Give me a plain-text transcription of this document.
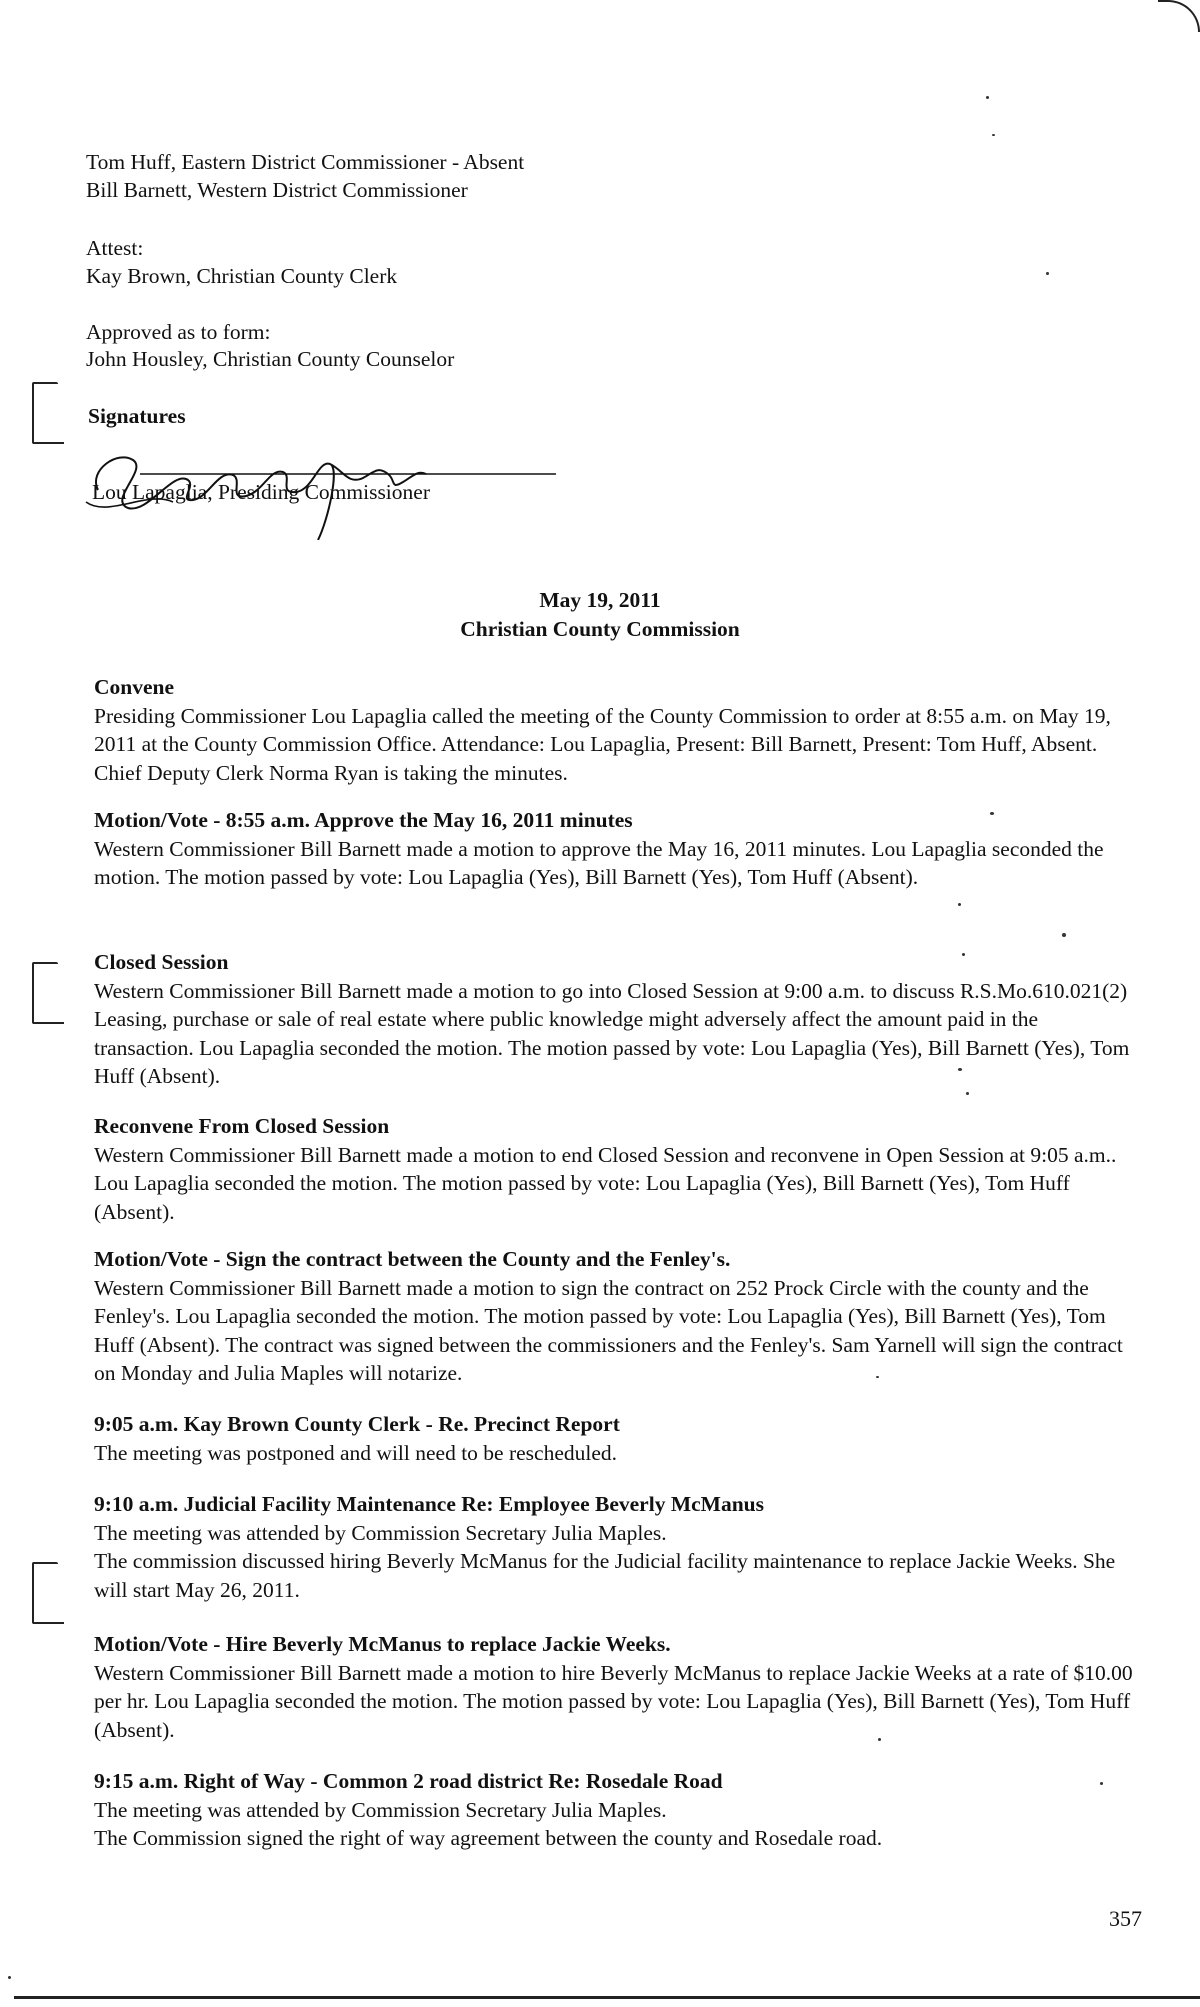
Tom Huff, Eastern District Commissioner - Absent
Bill Barnett, Western District Commissioner
Attest:
Kay Brown, Christian County Clerk
Approved as to form:
John Housley, Christian County Counselor
Signatures
Lou Lapaglia, Presiding Commissioner
May 19, 2011
Christian County Commission

Convene

Presiding Commissioner Lou Lapaglia called the meeting of the County Commission to order at 8:55 a.m. on May 19, 2011 at the County Commission Office. Attendance: Lou Lapaglia, Present: Bill Barnett, Present: Tom Huff, Absent. Chief Deputy Clerk Norma Ryan is taking the minutes.

Motion/Vote - 8:55 a.m. Approve the May 16, 2011 minutes

Western Commissioner Bill Barnett made a motion to approve the May 16, 2011 minutes. Lou Lapaglia seconded the motion. The motion passed by vote: Lou Lapaglia (Yes), Bill Barnett (Yes), Tom Huff (Absent).

Closed Session

Western Commissioner Bill Barnett made a motion to go into Closed Session at 9:00 a.m. to discuss R.S.Mo.610.021(2) Leasing, purchase or sale of real estate where public knowledge might adversely affect the amount paid in the transaction. Lou Lapaglia seconded the motion. The motion passed by vote: Lou Lapaglia (Yes), Bill Barnett (Yes), Tom Huff (Absent).

Reconvene From Closed Session

Western Commissioner Bill Barnett made a motion to end Closed Session and reconvene in Open Session at 9:05 a.m.. Lou Lapaglia seconded the motion. The motion passed by vote: Lou Lapaglia (Yes), Bill Barnett (Yes), Tom Huff (Absent).

Motion/Vote - Sign the contract between the County and the Fenley's.

Western Commissioner Bill Barnett made a motion to sign the contract on 252 Prock Circle with the county and the Fenley's. Lou Lapaglia seconded the motion. The motion passed by vote: Lou Lapaglia (Yes), Bill Barnett (Yes), Tom Huff (Absent). The contract was signed between the commissioners and the Fenley's. Sam Yarnell will sign the contract on Monday and Julia Maples will notarize.

9:05 a.m. Kay Brown County Clerk - Re. Precinct Report

The meeting was postponed and will need to be rescheduled.

9:10 a.m. Judicial Facility Maintenance Re: Employee Beverly McManus

The meeting was attended by Commission Secretary Julia Maples.

The commission discussed hiring Beverly McManus for the Judicial facility maintenance to replace Jackie Weeks. She will start May 26, 2011.

Motion/Vote - Hire Beverly McManus to replace Jackie Weeks.

Western Commissioner Bill Barnett made a motion to hire Beverly McManus to replace Jackie Weeks at a rate of $10.00 per hr. Lou Lapaglia seconded the motion. The motion passed by vote: Lou Lapaglia (Yes), Bill Barnett (Yes), Tom Huff (Absent).

9:15 a.m. Right of Way - Common 2 road district Re: Rosedale Road

The meeting was attended by Commission Secretary Julia Maples.

The Commission signed the right of way agreement between the county and Rosedale road.

357
